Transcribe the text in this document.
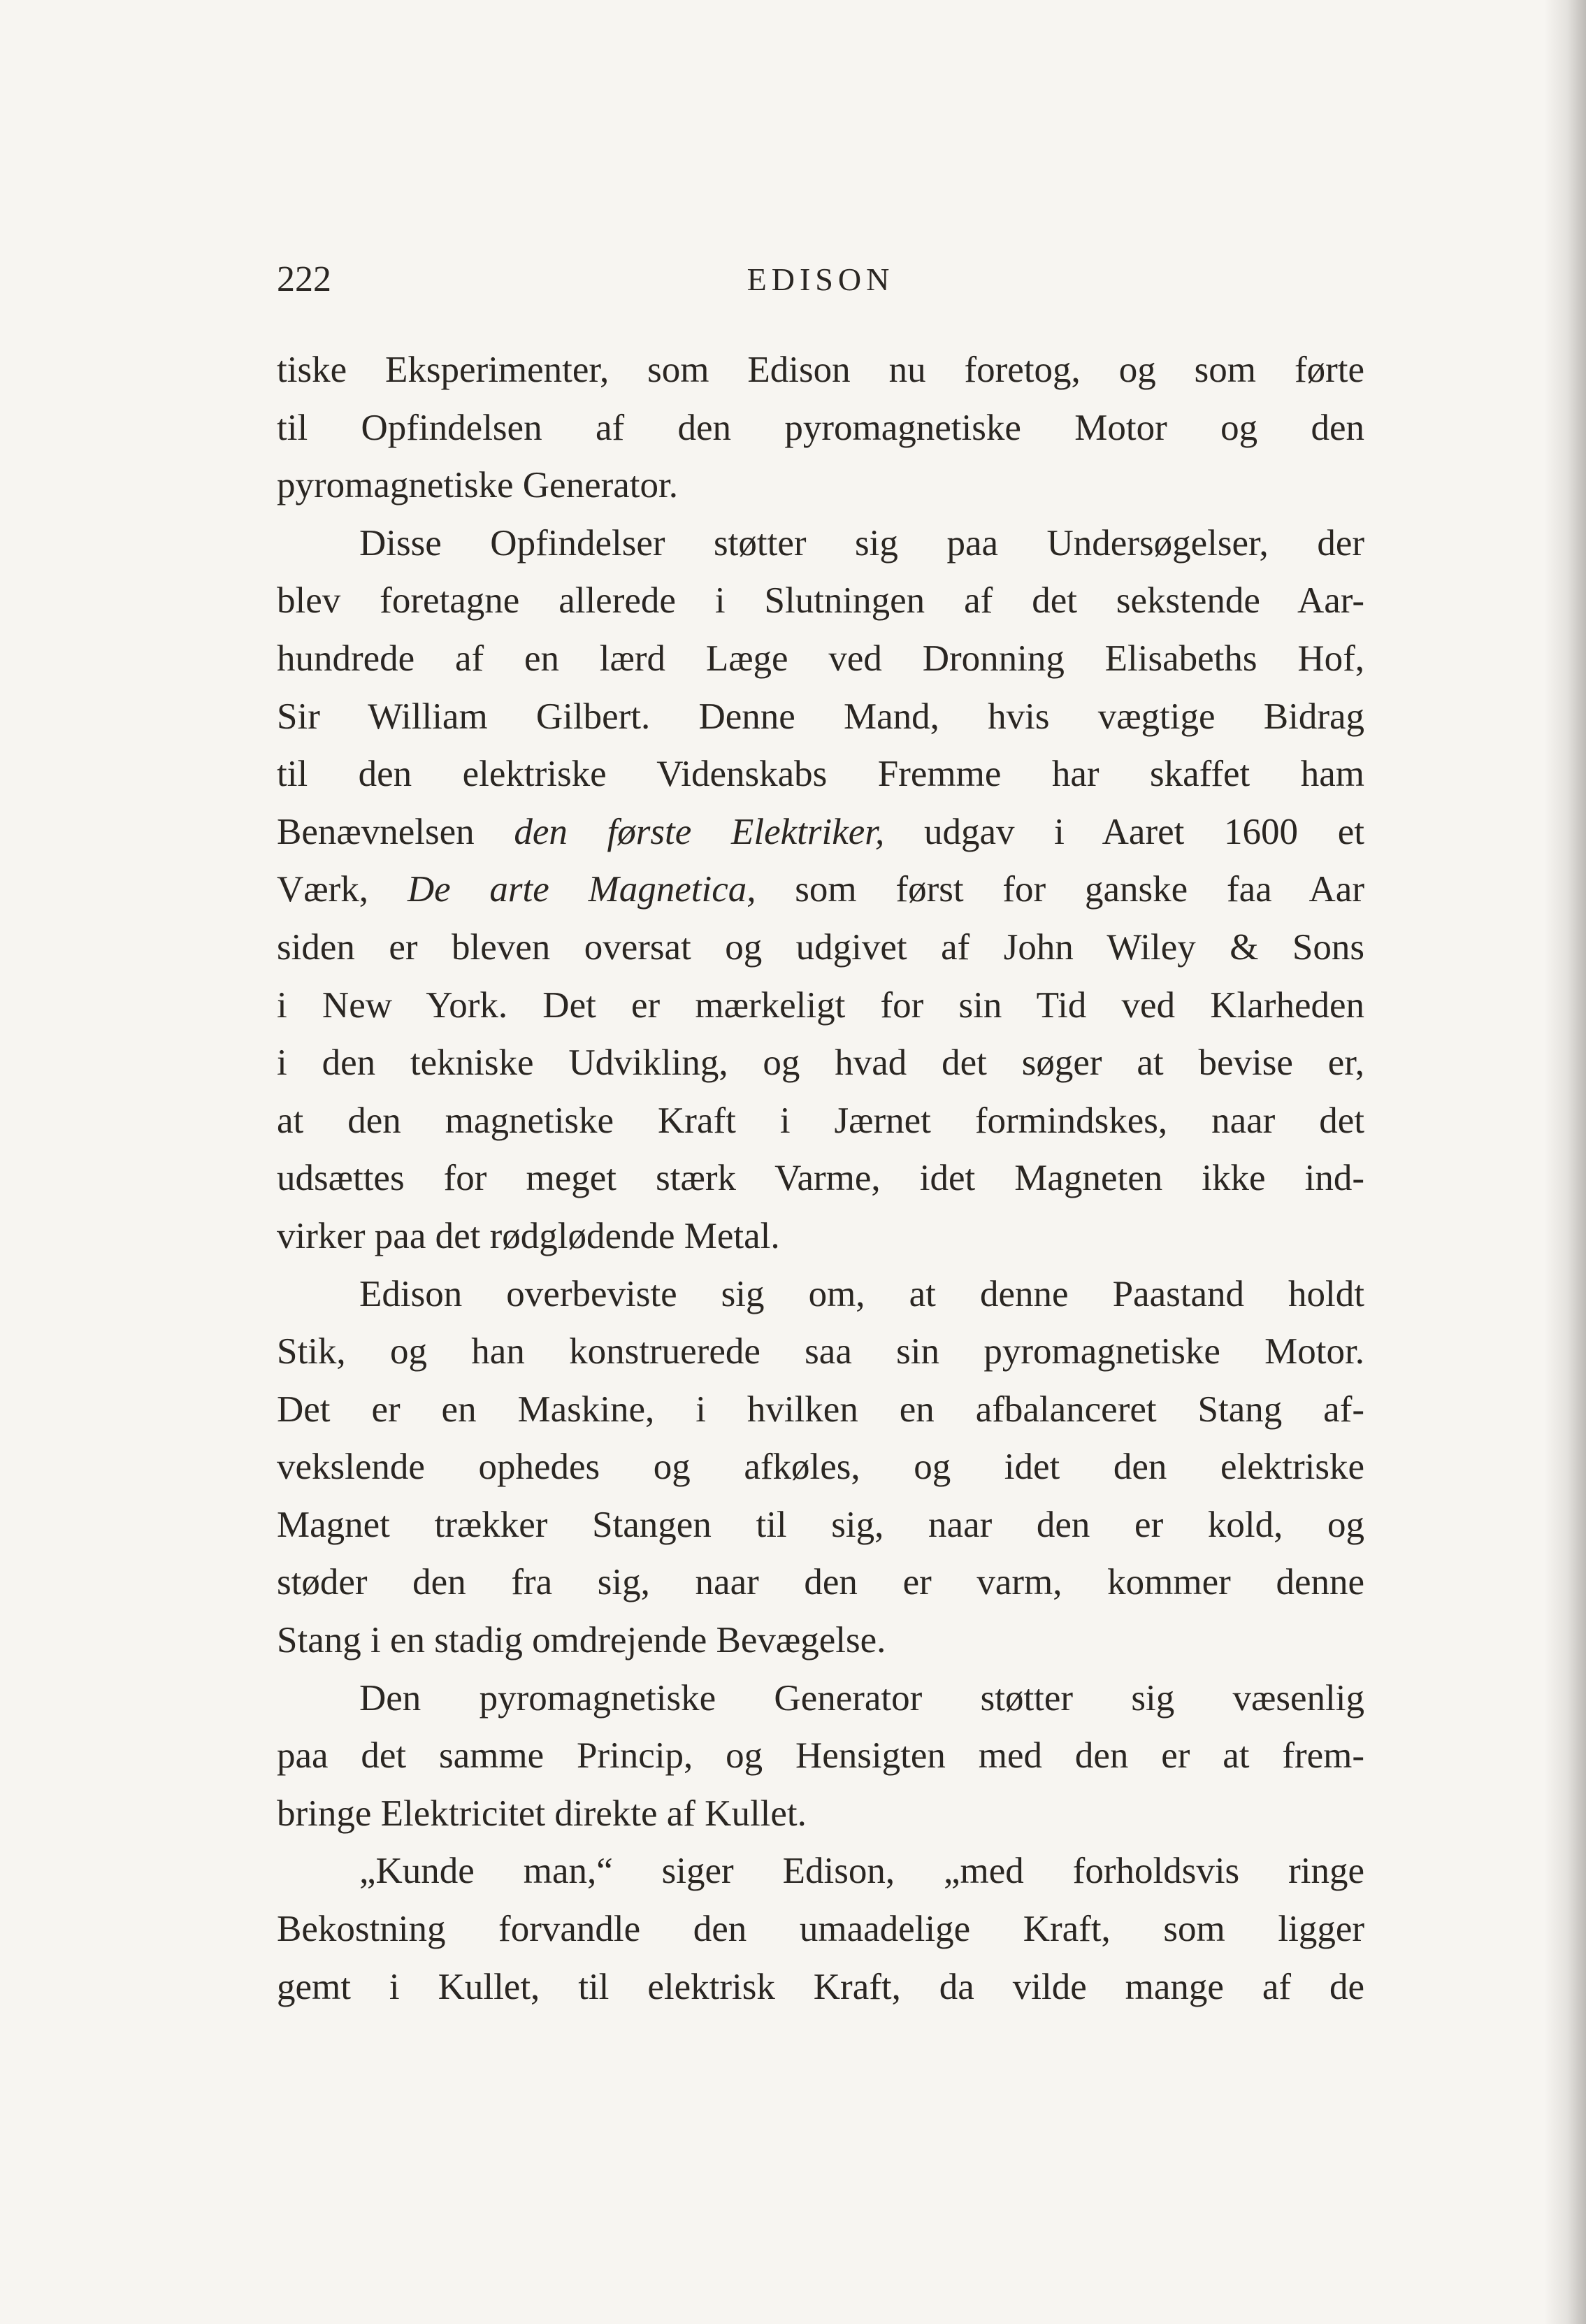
222	EDISON
tiske Eksperimenter, som Edison nu foretog, og som førte
til Opfindelsen af den pyromagnetiske Motor og den
pyromagnetiske Generator.
Disse Opfindelser støtter sig paa Undersøgelser, der
blev foretagne allerede i Slutningen af det sekstende Aar-
hundrede af en lærd Læge ved Dronning Elisabeths Hof,
Sir William Gilbert. Denne Mand, hvis vægtige Bidrag
til den elektriske Videnskabs Fremme har skaffet ham
Benævnelsen den første Elektriker, udgav i Aaret 1600 et
Værk, De arte Magnetica, som først for ganske faa Aar
siden er bleven oversat og udgivet af John Wiley & Sons
i New York. Det er mærkeligt for sin Tid ved Klarheden
i den tekniske Udvikling, og hvad det søger at bevise er,
at den magnetiske Kraft i Jærnet formindskes, naar det
udsættes for meget stærk Varme, idet Magneten ikke ind-
virker paa det rødglødende Metal.
Edison overbeviste sig om, at denne Paastand holdt
Stik, og han konstruerede saa sin pyromagnetiske Motor.
Det er en Maskine, i hvilken en afbalanceret Stang af-
vekslende ophedes og afkøles, og idet den elektriske
Magnet trækker Stangen til sig, naar den er kold, og
støder den fra sig, naar den er varm, kommer denne
Stang i en stadig omdrejende Bevægelse.
Den pyromagnetiske Generator støtter sig væsenlig
paa det samme Princip, og Hensigten med den er at frem-
bringe Elektricitet direkte af Kullet.
„Kunde man,“ siger Edison, „med forholdsvis ringe
Bekostning forvandle den umaadelige Kraft, som ligger
gemt i Kullet, til elektrisk Kraft, da vilde mange af de
